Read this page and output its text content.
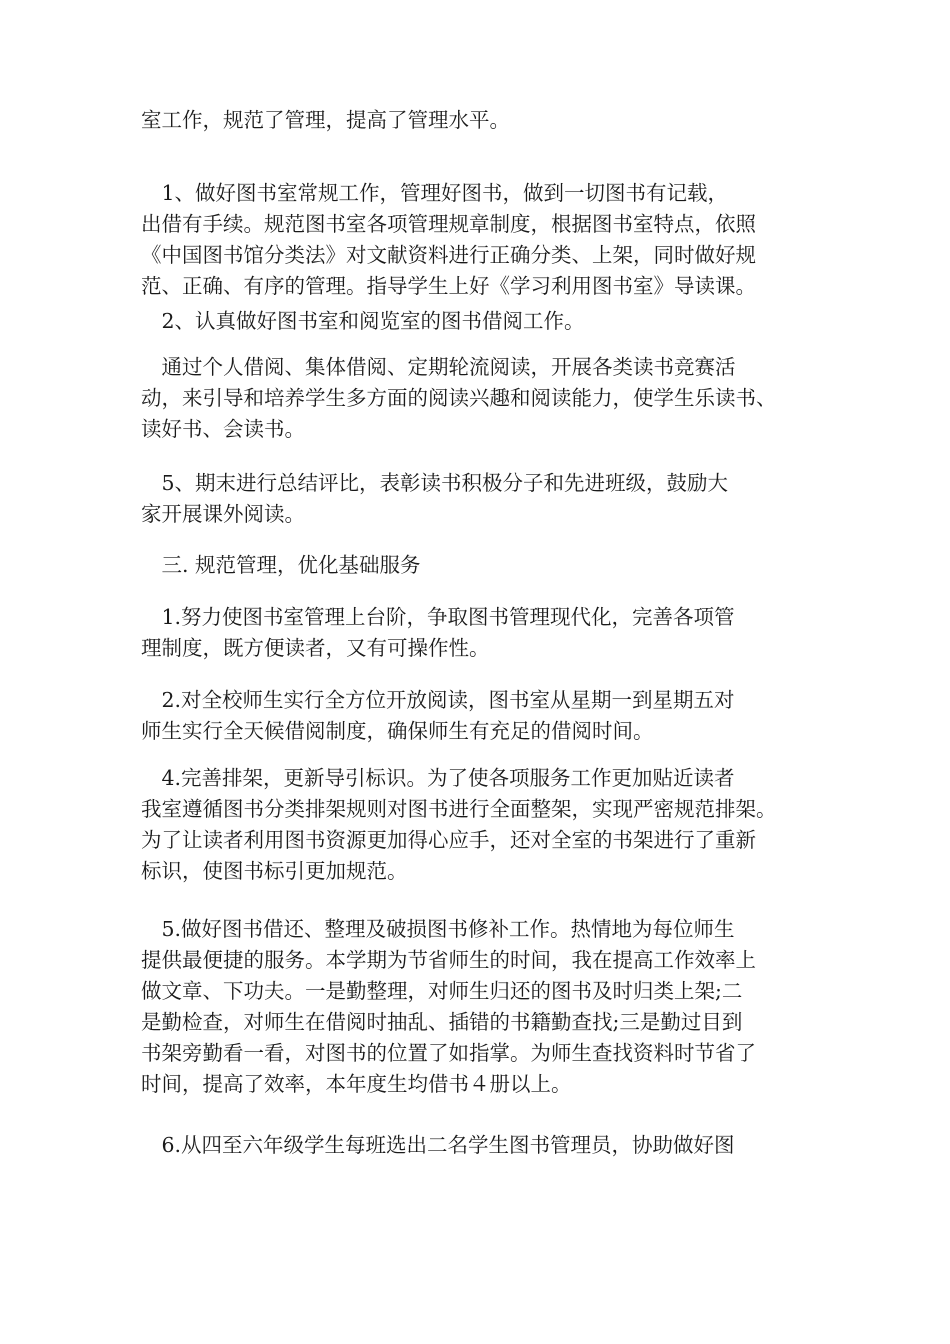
室工作，规范了管理，提高了管理水平。

　1、做好图书室常规工作，管理好图书，做到一切图书有记载，
出借有手续。规范图书室各项管理规章制度，根据图书室特点，依照
《中国图书馆分类法》对文献资料进行正确分类、上架，同时做好规
范、正确、有序的管理。指导学生上好《学习利用图书室》导读课。

　2、认真做好图书室和阅览室的图书借阅工作。

　通过个人借阅、集体借阅、定期轮流阅读，开展各类读书竞赛活
动，来引导和培养学生多方面的阅读兴趣和阅读能力，使学生乐读书、
读好书、会读书。

　5、期末进行总结评比，表彰读书积极分子和先进班级，鼓励大
家开展课外阅读。

　三. 规范管理，优化基础服务

　1.努力使图书室管理上台阶，争取图书管理现代化，完善各项管
理制度，既方便读者，又有可操作性。

　2.对全校师生实行全方位开放阅读，图书室从星期一到星期五对
师生实行全天候借阅制度，确保师生有充足的借阅时间。

　4.完善排架，更新导引标识。为了使各项服务工作更加贴近读者
我室遵循图书分类排架规则对图书进行全面整架，实现严密规范排架。
为了让读者利用图书资源更加得心应手，还对全室的书架进行了重新
标识，使图书标引更加规范。

　5.做好图书借还、整理及破损图书修补工作。热情地为每位师生
提供最便捷的服务。本学期为节省师生的时间，我在提高工作效率上
做文章、下功夫。一是勤整理，对师生归还的图书及时归类上架;二
是勤检查，对师生在借阅时抽乱、插错的书籍勤查找;三是勤过目到
书架旁勤看一看，对图书的位置了如指掌。为师生查找资料时节省了
时间，提高了效率，本年度生均借书４册以上。

　6.从四至六年级学生每班选出二名学生图书管理员，协助做好图
